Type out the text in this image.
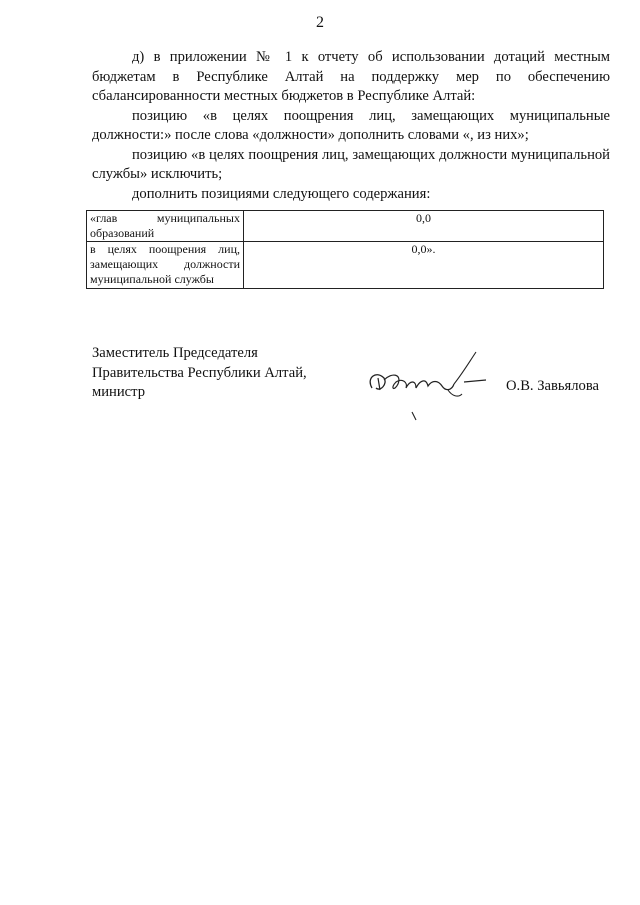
2

д) в приложении № 1 к отчету об использовании дотаций местным бюджетам в Республике Алтай на поддержку мер по обеспечению сбалансированности местных бюджетов в Республике Алтай:

позицию «в целях поощрения лиц, замещающих муниципальные должности:» после слова «должности» дополнить словами «, из них»;

позицию «в целях поощрения лиц, замещающих должности муниципальной службы» исключить;

дополнить позициями следующего содержания:

«глав муниципальных образований	0,0
в целях поощрения лиц, замещающих должности муниципальной службы	0,0».
Заместитель Председателя
Правительства Республики Алтай,
министр	О.В. Завьялова
